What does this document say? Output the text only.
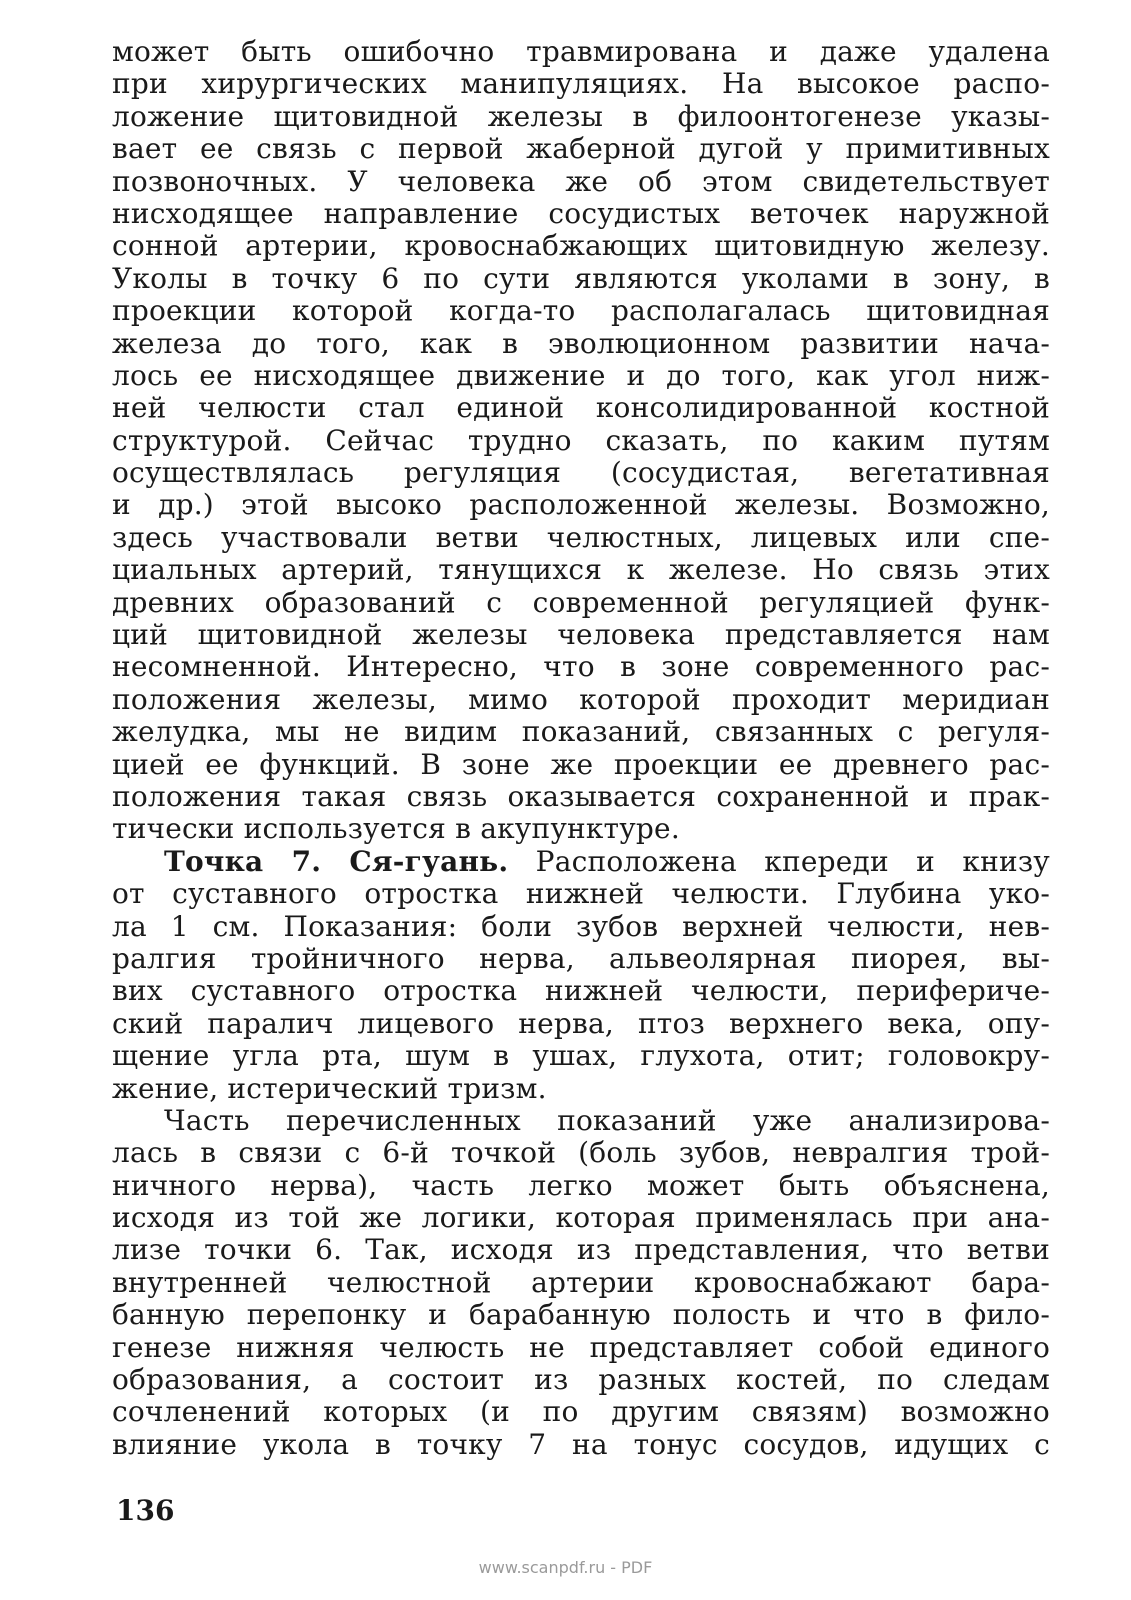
может быть ошибочно травмирована и даже удалена
при хирургических манипуляциях. На высокое распо-
ложение щитовидной железы в филоонтогенезе указы-
вает ее связь с первой жаберной дугой у примитивных
позвоночных. У человека же об этом свидетельствует
нисходящее направление сосудистых веточек наружной
сонной артерии, кровоснабжающих щитовидную железу.
Уколы в точку 6 по сути являются уколами в зону, в
проекции которой когда-то располагалась щитовидная
железа до того, как в эволюционном развитии нача-
лось ее нисходящее движение и до того, как угол ниж-
ней челюсти стал единой консолидированной костной
структурой. Сейчас трудно сказать, по каким путям
осуществлялась регуляция (сосудистая, вегетативная
и др.) этой высоко расположенной железы. Возможно,
здесь участвовали ветви челюстных, лицевых или спе-
циальных артерий, тянущихся к железе. Но связь этих
древних образований с современной регуляцией функ-
ций щитовидной железы человека представляется нам
несомненной. Интересно, что в зоне современного рас-
положения железы, мимо которой проходит меридиан
желудка, мы не видим показаний, связанных с регуля-
цией ее функций. В зоне же проекции ее древнего рас-
положения такая связь оказывается сохраненной и прак-
тически используется в акупунктуре.
Точка 7. Ся-гуань. Расположена кпереди и книзу
от суставного отростка нижней челюсти. Глубина уко-
ла 1 см. Показания: боли зубов верхней челюсти, нев-
ралгия тройничного нерва, альвеолярная пиорея, вы-
вих суставного отростка нижней челюсти, перифериче-
ский паралич лицевого нерва, птоз верхнего века, опу-
щение угла рта, шум в ушах, глухота, отит; головокру-
жение, истерический тризм.
Часть перечисленных показаний уже анализирова-
лась в связи с 6-й точкой (боль зубов, невралгия трой-
ничного нерва), часть легко может быть объяснена,
исходя из той же логики, которая применялась при ана-
лизе точки 6. Так, исходя из представления, что ветви
внутренней челюстной артерии кровоснабжают бара-
банную перепонку и барабанную полость и что в фило-
генезе нижняя челюсть не представляет собой единого
образования, а состоит из разных костей, по следам
сочленений которых (и по другим связям) возможно
влияние укола в точку 7 на тонус сосудов, идущих с
136
www.scanpdf.ru - PDF
